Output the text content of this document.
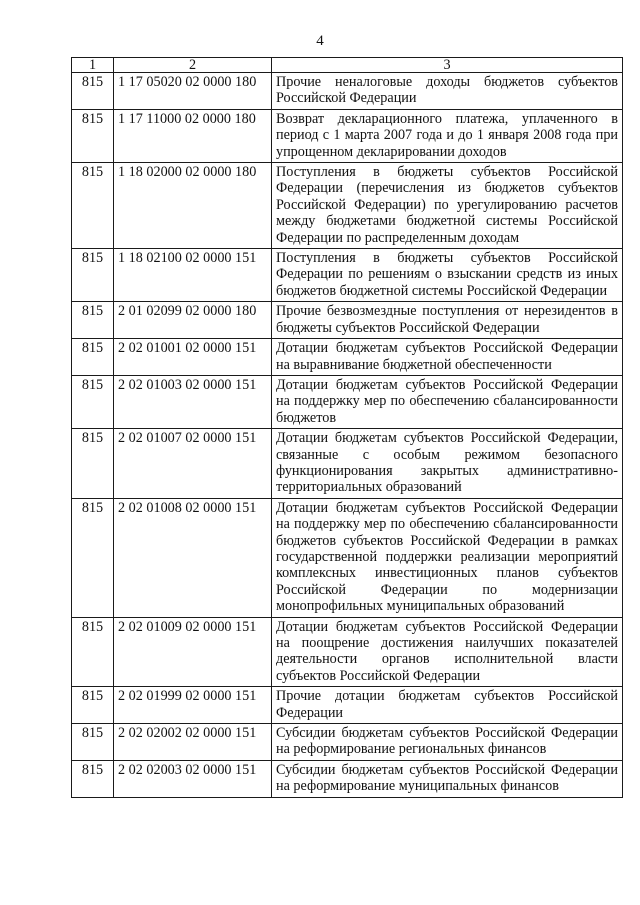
4
1	2	3
815	1 17 05020 02 0000 180	Прочие неналоговые доходы бюджетов субъектов Российской Федерации
815	1 17 11000 02 0000 180	Возврат декларационного платежа, уплаченного в период с 1 марта 2007 года и до 1 января 2008 года при упрощенном декларировании доходов
815	1 18 02000 02 0000 180	Поступления в бюджеты субъектов Российской Федерации (перечисления из бюджетов субъектов Российской Федерации) по урегулированию расчетов между бюджетами бюджетной системы Российской Федерации по распределенным доходам
815	1 18 02100 02 0000 151	Поступления в бюджеты субъектов Российской Федерации по решениям о взыскании средств из иных бюджетов бюджетной системы Российской Федерации
815	2 01 02099 02 0000 180	Прочие безвозмездные поступления от нерезидентов в бюджеты субъектов Российской Федерации
815	2 02 01001 02 0000 151	Дотации бюджетам субъектов Российской Федерации на выравнивание бюджетной обеспеченности
815	2 02 01003 02 0000 151	Дотации бюджетам субъектов Российской Федерации на поддержку мер по обеспечению сбалансированности бюджетов
815	2 02 01007 02 0000 151	Дотации бюджетам субъектов Российской Федерации, связанные с особым режимом безопасного функционирования закрытых административно-территориальных образований
815	2 02 01008 02 0000 151	Дотации бюджетам субъектов Российской Федерации на поддержку мер по обеспечению сбалансированности бюджетов субъектов Российской Федерации в рамках государственной поддержки реализации мероприятий комплексных инвестиционных планов субъектов Российской Федерации по модернизации монопрофильных муниципальных образований
815	2 02 01009 02 0000 151	Дотации бюджетам субъектов Российской Федерации на поощрение достижения наилучших показателей деятельности органов исполнительной власти субъектов Российской Федерации
815	2 02 01999 02 0000 151	Прочие дотации бюджетам субъектов Российской Федерации
815	2 02 02002 02 0000 151	Субсидии бюджетам субъектов Российской Федерации на реформирование региональных финансов
815	2 02 02003 02 0000 151	Субсидии бюджетам субъектов Российской Федерации на реформирование муниципальных финансов
